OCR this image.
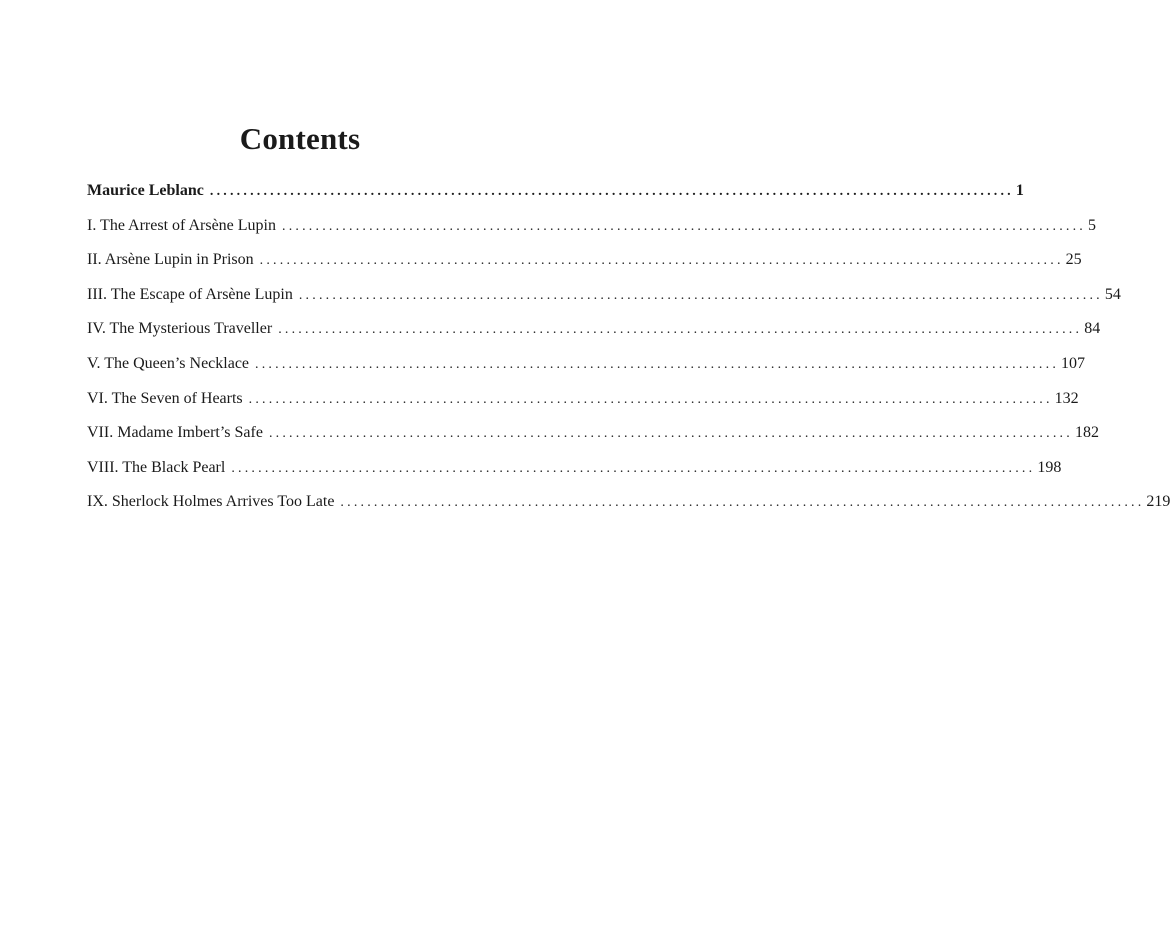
Contents
Maurice Leblanc ........................................................................................................................ 1
I. The Arrest of Arsène Lupin ........................................................................................................................ 5
II. Arsène Lupin in Prison ........................................................................................................................ 25
III. The Escape of Arsène Lupin ........................................................................................................................ 54
IV. The Mysterious Traveller ........................................................................................................................ 84
V. The Queen’s Necklace ........................................................................................................................ 107
VI. The Seven of Hearts ........................................................................................................................ 132
VII. Madame Imbert’s Safe ........................................................................................................................ 182
VIII. The Black Pearl ........................................................................................................................ 198
IX. Sherlock Holmes Arrives Too Late ........................................................................................................................ 219
